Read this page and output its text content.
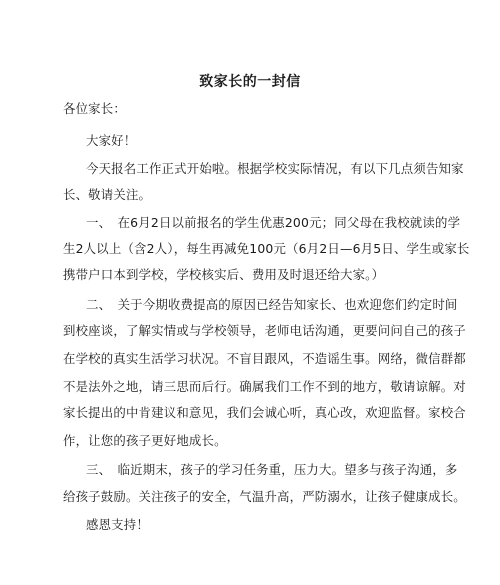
致家长的一封信
各位家长：
大家好！
今天报名工作正式开始啦。根据学校实际情况，有以下几点须告知家
长、敬请关注。
一、　在6月2日以前报名的学生优惠200元；同父母在我校就读的学
生2人以上（含2人），每生再减免100元（6月2日—6月5日、学生或家长
携带户口本到学校，学校核实后、费用及时退还给大家。）
二、　关于今期收费提高的原因已经告知家长、也欢迎您们约定时间
到校座谈，了解实情或与学校领导，老师电话沟通，更要问问自己的孩子
在学校的真实生活学习状况。不盲目跟风，不造谣生事。网络，微信群都
不是法外之地，请三思而后行。确属我们工作不到的地方，敬请谅解。对
家长提出的中肯建议和意见，我们会诚心听，真心改，欢迎监督。家校合
作，让您的孩子更好地成长。
三、　临近期末，孩子的学习任务重，压力大。望多与孩子沟通，多
给孩子鼓励。关注孩子的安全，气温升高，严防溺水，让孩子健康成长。
感恩支持！
